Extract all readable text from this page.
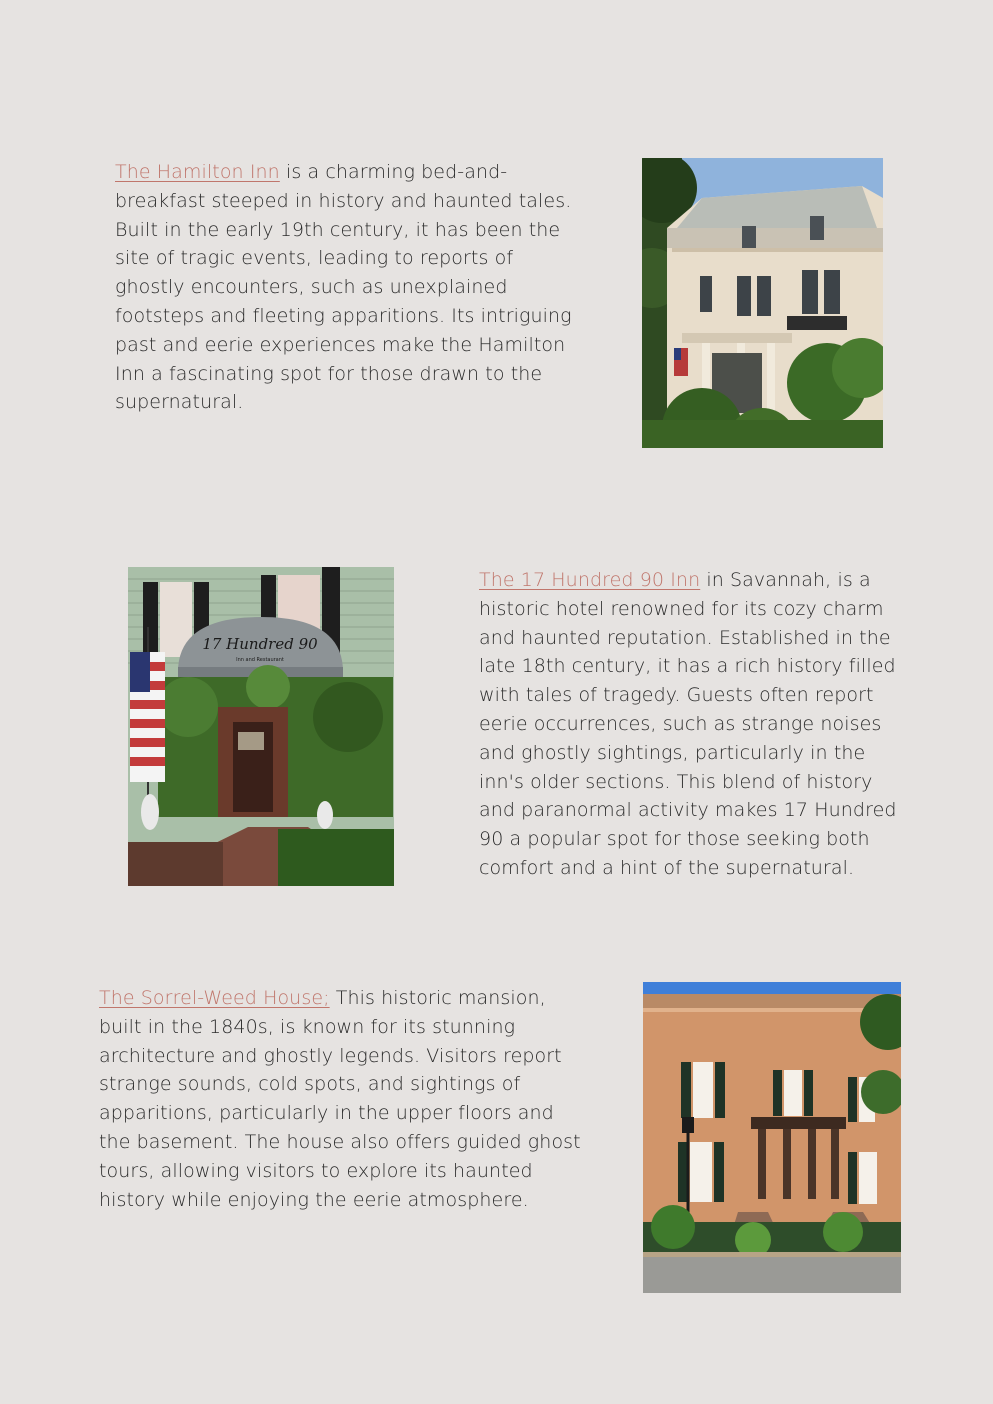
The Hamilton Inn is a charming bed-and-breakfast steeped in history and haunted tales. Built in the early 19th century, it has been the site of tragic events, leading to reports of ghostly encounters, such as unexplained footsteps and fleeting apparitions. Its intriguing past and eerie experiences make the Hamilton Inn a fascinating spot for those drawn to the supernatural.

17 Hundred 90
Inn and Restaurant

The 17 Hundred 90 Inn in Savannah, is a historic hotel renowned for its cozy charm and haunted reputation. Established in the late 18th century, it has a rich history filled with tales of tragedy. Guests often report eerie occurrences, such as strange noises and ghostly sightings, particularly in the inn's older sections. This blend of history and paranormal activity makes 17 Hundred 90 a popular spot for those seeking both comfort and a hint of the supernatural.

The Sorrel-Weed House; This historic mansion, built in the 1840s, is known for its stunning architecture and ghostly legends. Visitors report strange sounds, cold spots, and sightings of apparitions, particularly in the upper floors and the basement. The house also offers guided ghost tours, allowing visitors to explore its haunted history while enjoying the eerie atmosphere.
